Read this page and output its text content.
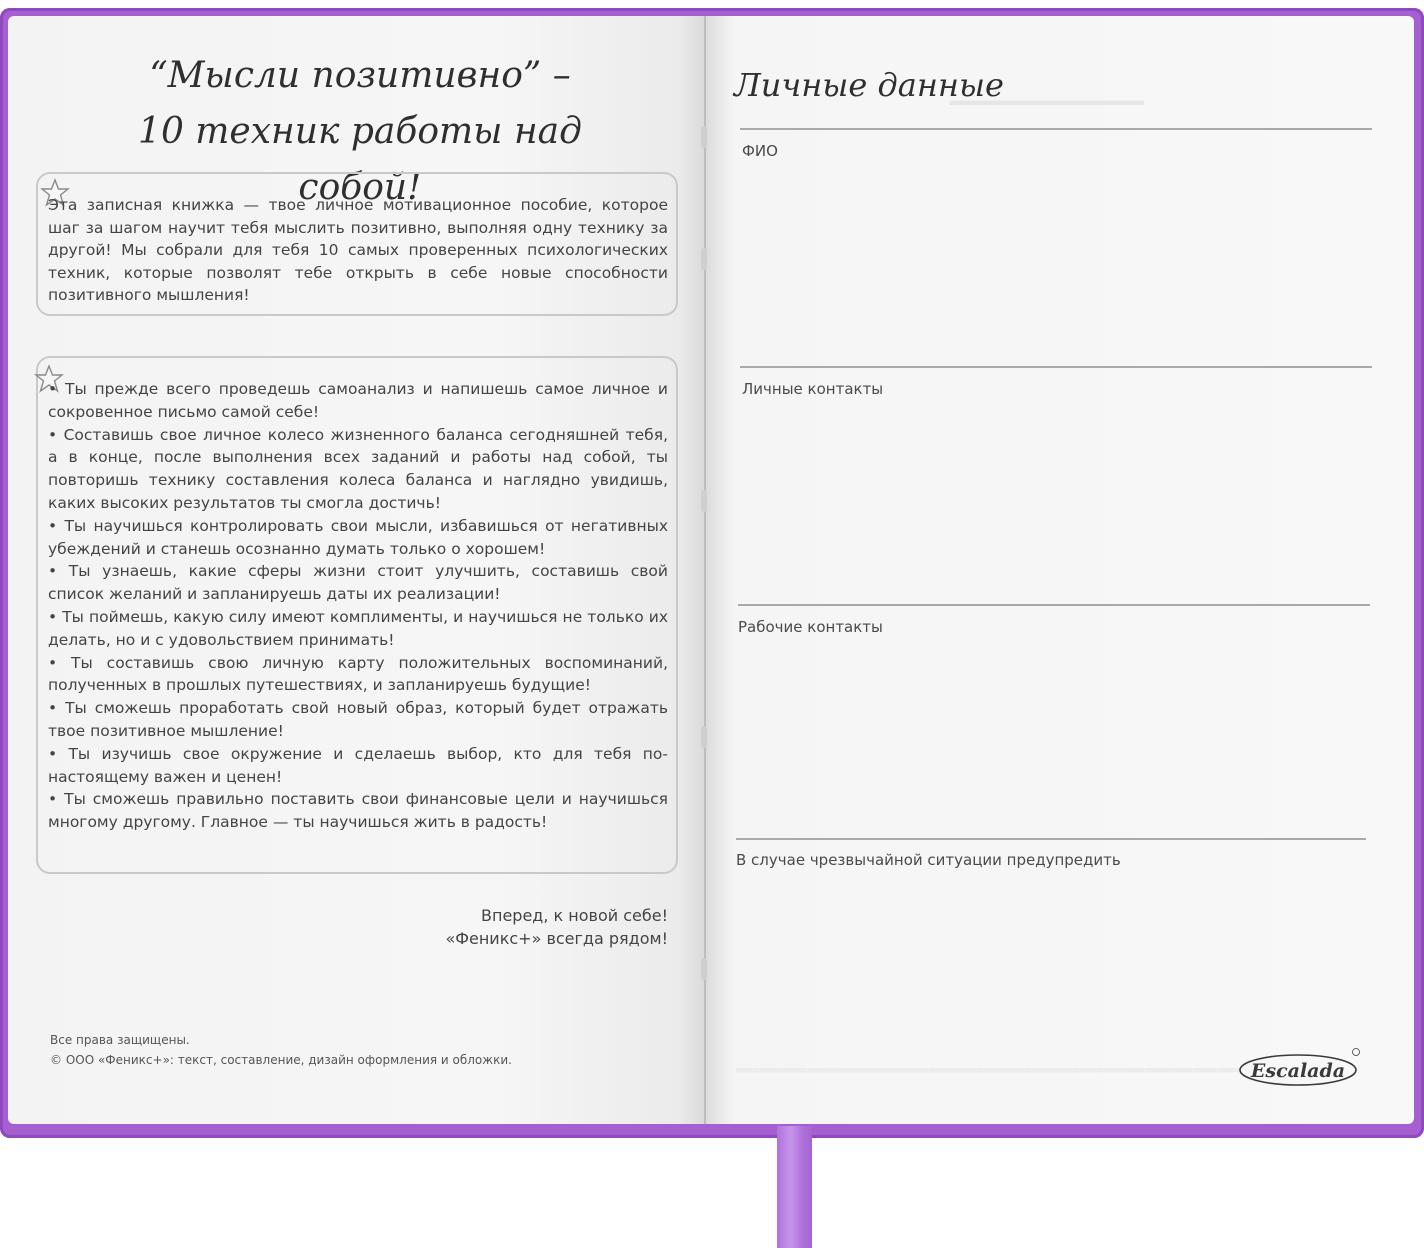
“Мысли позитивно” –
10 техник работы над собой!
Эта записная книжка — твое личное мотивационное пособие, которое шаг за шагом научит тебя мыслить позитивно, выполняя одну технику за другой! Мы собрали для тебя 10 самых проверенных психологических техник, которые позволят тебе открыть в себе новые способности позитивного мышления!
• Ты прежде всего проведешь самоанализ и напишешь самое личное и сокровенное письмо самой себе!
• Составишь свое личное колесо жизненного баланса сегодняшней тебя, а в конце, после выполнения всех заданий и работы над собой, ты повторишь технику составления колеса баланса и наглядно увидишь, каких высоких результатов ты смогла достичь!
• Ты научишься контролировать свои мысли, избавишься от негативных убеждений и станешь осознанно думать только о хорошем!
• Ты узнаешь, какие сферы жизни стоит улучшить, составишь свой список желаний и запланируешь даты их реализации!
• Ты поймешь, какую силу имеют комплименты, и научишься не только их делать, но и с удовольствием принимать!
• Ты составишь свою личную карту положительных воспоминаний, полученных в прошлых путешествиях, и запланируешь будущие!
• Ты сможешь проработать свой новый образ, который будет отражать твое позитивное мышление!
• Ты изучишь свое окружение и сделаешь выбор, кто для тебя по-настоящему важен и ценен!
• Ты сможешь правильно поставить свои финансовые цели и научишься многому другому. Главное — ты научишься жить в радость!
Вперед, к новой себе!
«Феникс+» всегда рядом!
Все права защищены.
© ООО «Феникс+»: текст, составление, дизайн оформления и обложки.
▁▁▁▁▁▁▁▁▁
▁▁▁▁▁▁▁▁▁▁▁▁▁▁▁▁▁▁▁▁▁
Личные данные
ФИО
Личные контакты
Рабочие контакты
В случае чрезвычайной ситуации предупредить
Escalada
